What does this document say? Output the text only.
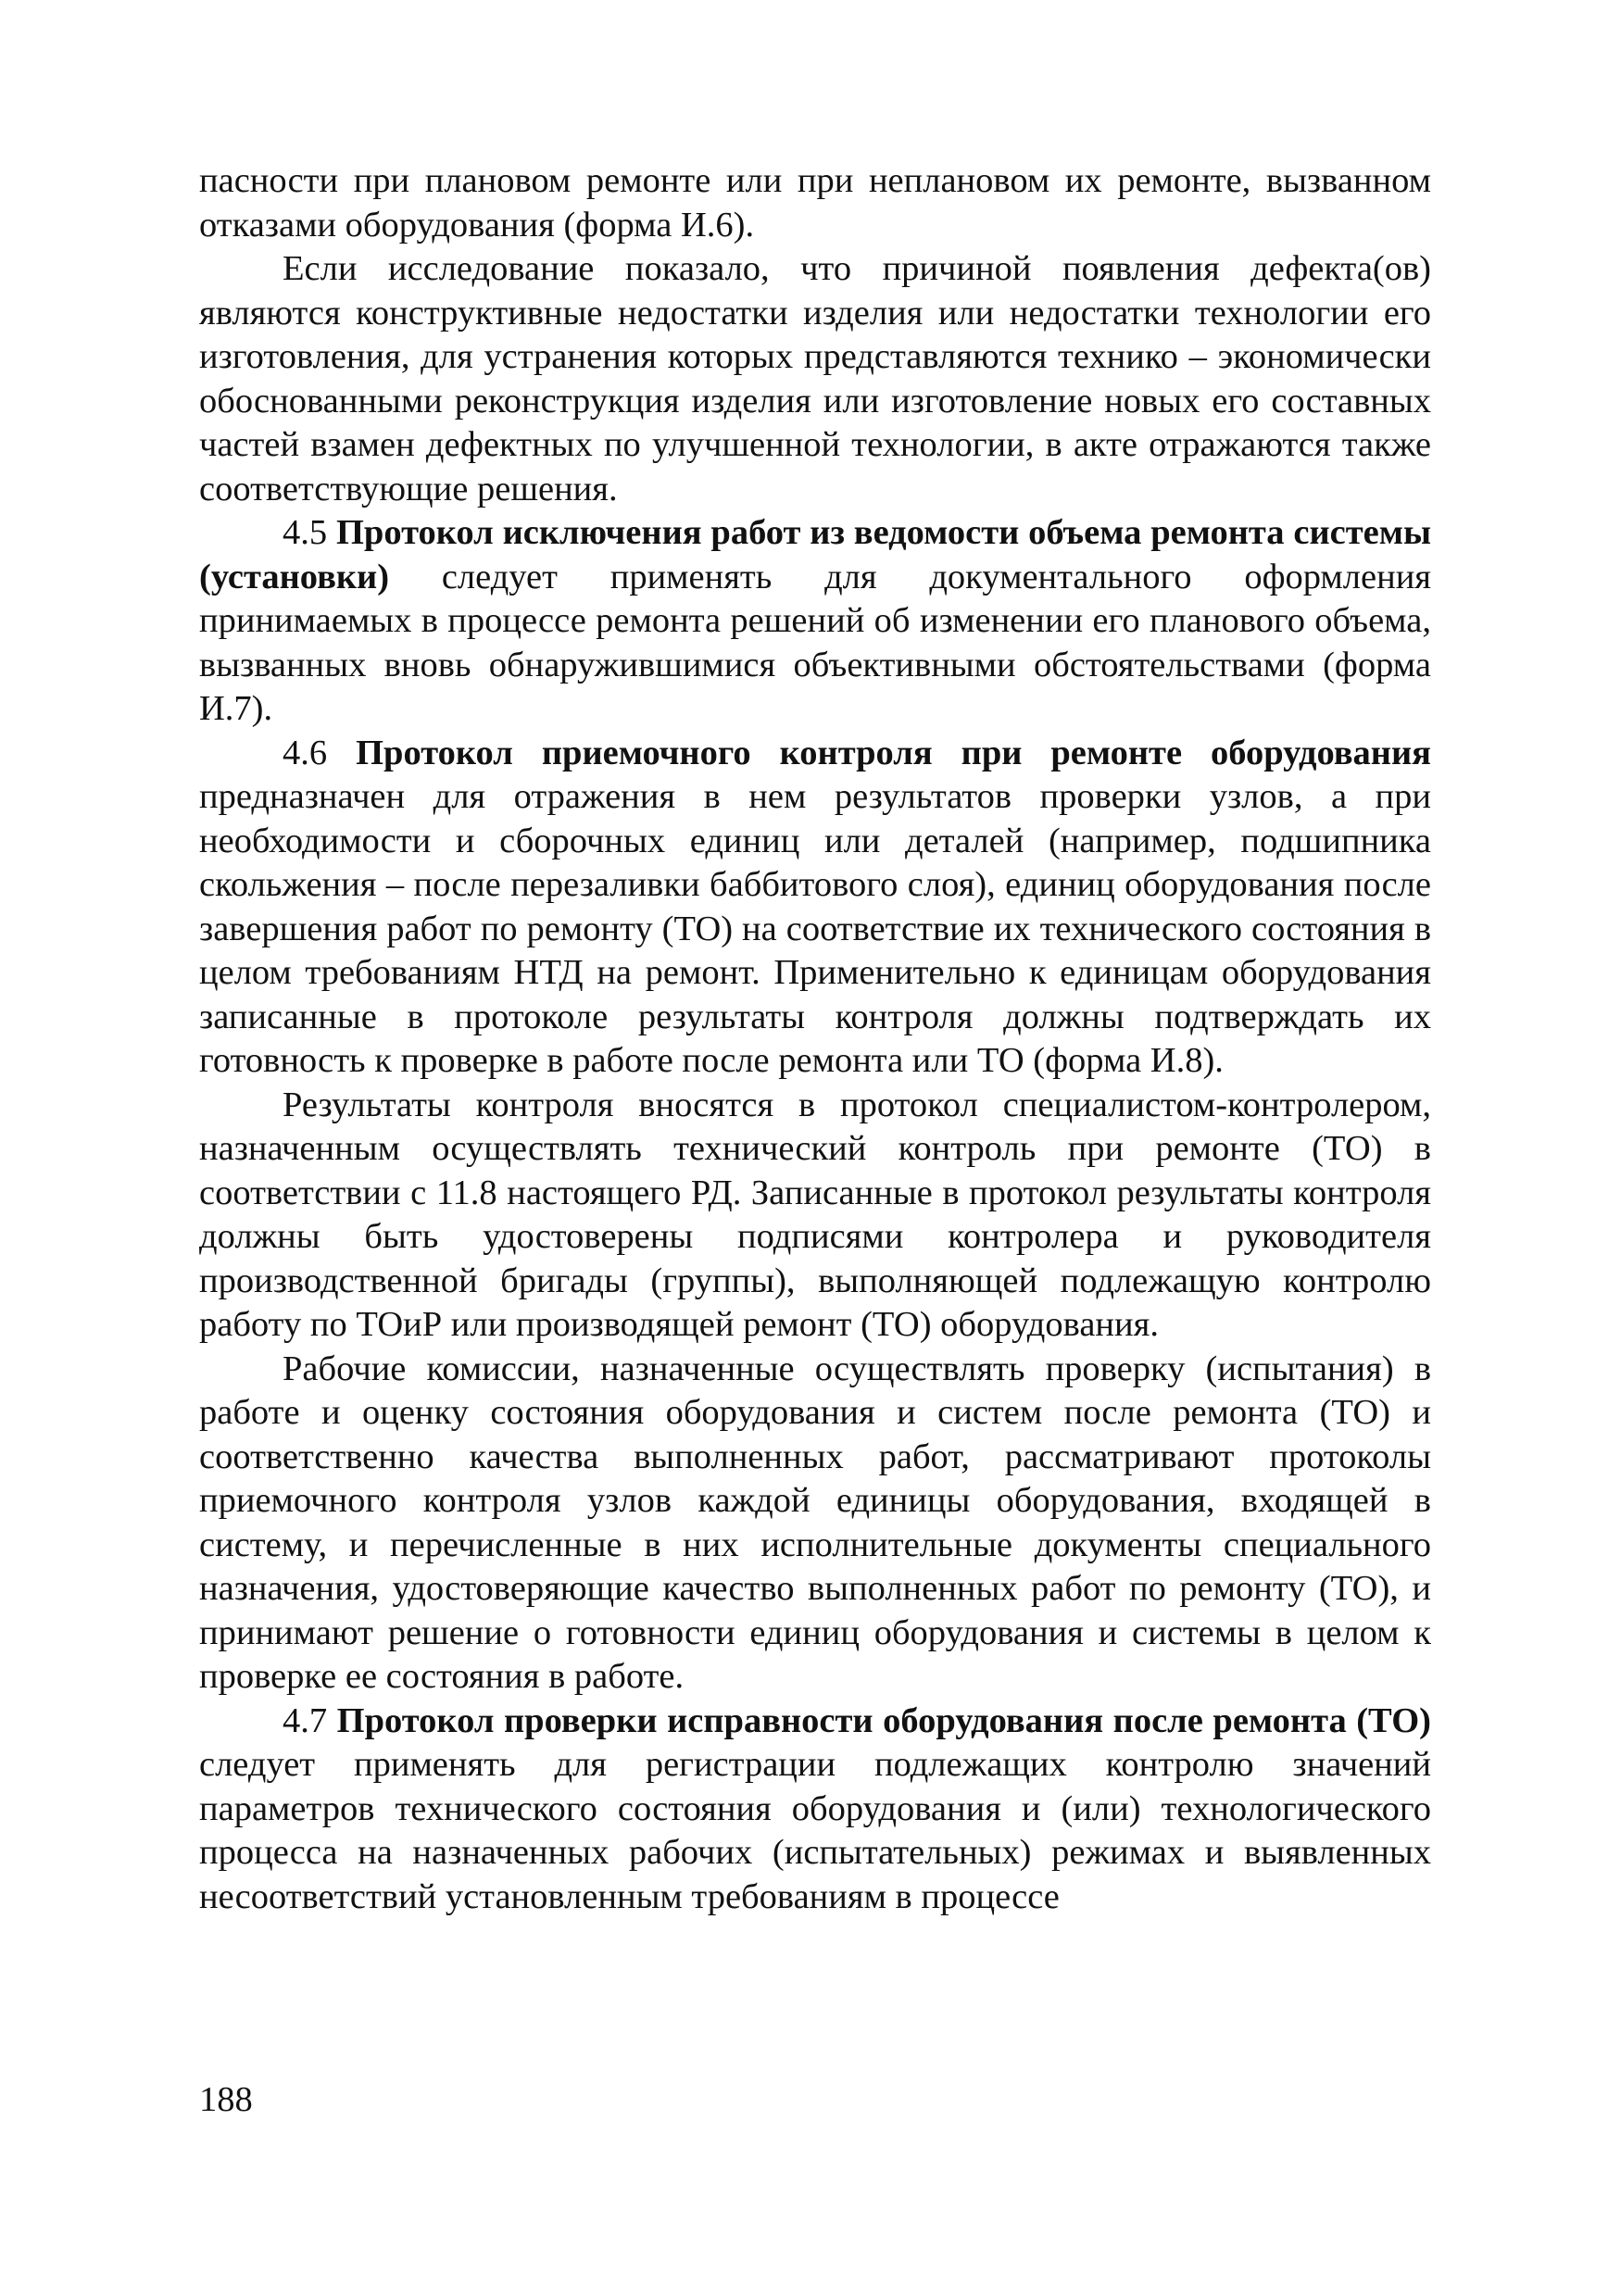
пасности при плановом ремонте или при неплановом их ремонте, вызванном отказами оборудования (форма И.6).

Если исследование показало, что причиной появления дефекта(ов) являются конструктивные недостатки изделия или недостатки технологии его изготовления, для устранения которых представляются технико – экономически обоснованными реконструкция изделия или изготовление новых его составных частей взамен дефектных по улучшенной технологии, в акте отражаются также соответствующие решения.

4.5 Протокол исключения работ из ведомости объема ремонта системы (установки) следует применять для документального оформления принимаемых в процессе ремонта решений об изменении его планового объема, вызванных вновь обнаружившимися объективными обстоятельствами (форма И.7).

4.6 Протокол приемочного контроля при ремонте оборудования предназначен для отражения в нем результатов проверки узлов, а при необходимости и сборочных единиц или деталей (например, подшипника скольжения – после перезаливки баббитового слоя), единиц оборудования после завершения работ по ремонту (ТО) на соответствие их технического состояния в целом требованиям НТД на ремонт. Применительно к единицам оборудования записанные в протоколе результаты контроля должны подтверждать их готовность к проверке в работе после ремонта или ТО (форма И.8).

Результаты контроля вносятся в протокол специалистом-контролером, назначенным осуществлять технический контроль при ремонте (ТО) в соответствии с 11.8 настоящего РД. Записанные в протокол результаты контроля должны быть удостоверены подписями контролера и руководителя производственной бригады (группы), выполняющей подлежащую контролю работу по ТОиР или производящей ремонт (ТО) оборудования.

Рабочие комиссии, назначенные осуществлять проверку (испытания) в работе и оценку состояния оборудования и систем после ремонта (ТО) и соответственно качества выполненных работ, рассматривают протоколы приемочного контроля узлов каждой единицы оборудования, входящей в систему, и перечисленные в них исполнительные документы специального назначения, удостоверяющие качество выполненных работ по ремонту (ТО), и принимают решение о готовности единиц оборудования и системы в целом к проверке ее состояния в работе.

4.7 Протокол проверки исправности оборудования после ремонта (ТО) следует применять для регистрации подлежащих контролю значений параметров технического состояния оборудования и (или) технологического процесса на назначенных рабочих (испытательных) режимах и выявленных несоответствий установленным требованиям в процессе

188
